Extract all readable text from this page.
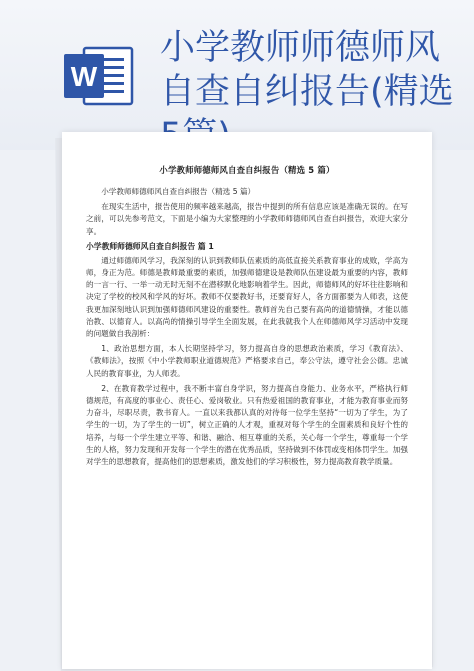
W
小学教师师德师风
自查自纠报告(精选
小学教师师德师风自查自纠报告（精选 5 篇）
小学教师师德师风自查自纠报告（精选 5 篇）
在现实生活中，报告使用的频率越来越高，报告中提到的所有信息应该是准确无误的。在写之前，可以先参考范文，下面是小编为大家整理的小学教师师德师风自查自纠报告，欢迎大家分享。
小学教师师德师风自查自纠报告 篇 1
通过师德师风学习，我深刻的认识到教师队伍素质的高低直接关系教育事业的成败，学高为师，身正为范。师德是教师最重要的素质，加强师德建设是教师队伍建设最为重要的内容，教师的一言一行、一举一动无时无刻不在潜移默化地影响着学生。因此，师德师风的好坏往往影响和决定了学校的校风和学风的好坏。教师不仅要教好书，还要育好人，各方面都要为人师表，这使我更加深刻地认识到加强师德师风建设的重要性。教师首先自己要有高尚的道德情操，才能以德治教、以德育人。以高尚的情操引导学生全面发展，在此我就我个人在师德师风学习活动中发现的问题做自我剖析：
1、政治思想方面，本人长期坚持学习，努力提高自身的思想政治素质，学习《教育法》、《教师法》，按照《中小学教师职业道德规范》严格要求自己，奉公守法，遵守社会公德。忠诚人民的教育事业，为人师表。
2、在教育教学过程中，我不断丰富自身学识，努力提高自身能力、业务水平，严格执行师德规范，有高度的事业心、责任心、爱岗敬业。只有热爱祖国的教育事业，才能为教育事业而努力奋斗，尽职尽责，教书育人。一直以来我都认真的对待每一位学生坚持“一切为了学生，为了学生的一切，为了学生的一切”，树立正确的人才观，重视对每个学生的全面素质和良好个性的培养，与每一个学生建立平等、和谐、融洽、相互尊重的关系，关心每一个学生，尊重每一个学生的人格，努力发现和开发每一个学生的潜在优秀品质，坚持做到不体罚或变相体罚学生。加强对学生的思想教育，提高他们的思想素质，激发他们的学习积极性，努力提高教育教学质量。
